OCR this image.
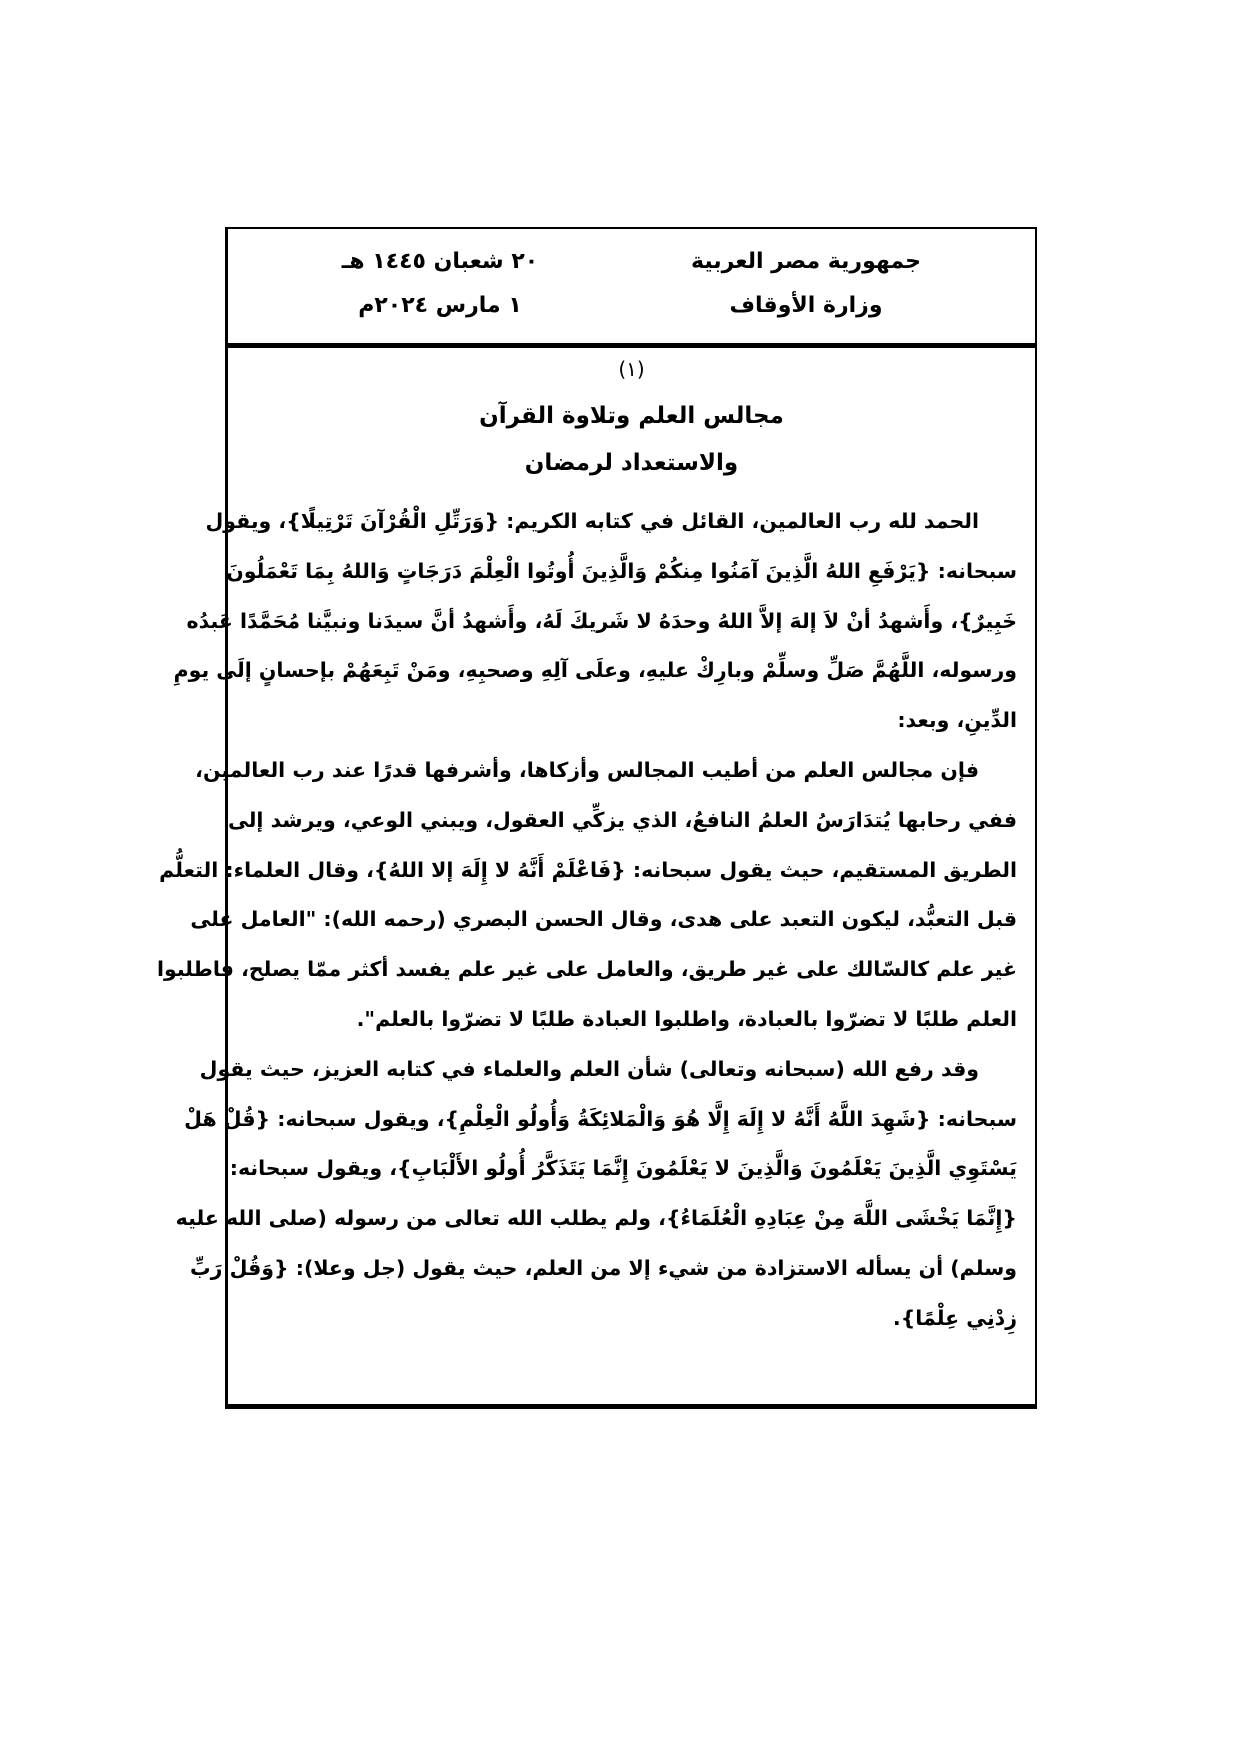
جمهورية مصر العربية
وزارة الأوقاف
٢٠ شعبان ١٤٤٥ هـ
١ مارس ٢٠٢٤م
(١)
مجالس العلم وتلاوة القرآن
والاستعداد لرمضان
الحمد لله رب العالمين، القائل في كتابه الكريم: {وَرَتِّلِ الْقُرْآنَ تَرْتِيلًا}، ويقول
سبحانه: {يَرْفَعِ اللهُ الَّذِينَ آمَنُوا مِنكُمْ وَالَّذِينَ أُوتُوا الْعِلْمَ دَرَجَاتٍ وَاللهُ بِمَا تَعْمَلُونَ
خَبِيرٌ}، وأَشهدُ أنْ لاَ إلهَ إلاَّ اللهُ وحدَهُ لا شَريكَ لَهُ، وأَشهدُ أنَّ سيدَنا ونبيَّنا مُحَمَّدًا عَبدُه
ورسوله، اللَّهُمَّ صَلِّ وسلِّمْ وبارِكْ عليهِ، وعلَى آلِهِ وصحبِهِ، ومَنْ تَبِعَهُمْ بإحسانٍ إلَى يومِ
الدِّينِ، وبعد:
فإن مجالس العلم من أطيب المجالس وأزكاها، وأشرفها قدرًا عند رب العالمين،
ففي رحابها يُتدَارَسُ العلمُ النافعُ، الذي يزكِّي العقول، ويبني الوعي، ويرشد إلى
الطريق المستقيم، حيث يقول سبحانه: {فَاعْلَمْ أَنَّهُ لا إِلَهَ إلا اللهُ}، وقال العلماء: التعلُّم
قبل التعبُّد، ليكون التعبد على هدى، وقال الحسن البصري (رحمه الله): "العامل على
غير علم كالسّالك على غير طريق، والعامل على غير علم يفسد أكثر ممّا يصلح، فاطلبوا
العلم طلبًا لا تضرّوا بالعبادة، واطلبوا العبادة طلبًا لا تضرّوا بالعلم".
وقد رفع الله (سبحانه وتعالى) شأن العلم والعلماء في كتابه العزيز، حيث يقول
سبحانه: {شَهِدَ اللَّهُ أَنَّهُ لا إِلَهَ إِلَّا هُوَ وَالْمَلائِكَةُ وَأُولُو الْعِلْمِ}، ويقول سبحانه: {قُلْ هَلْ
يَسْتَوِي الَّذِينَ يَعْلَمُونَ وَالَّذِينَ لا يَعْلَمُونَ إِنَّمَا يَتَذَكَّرُ أُولُو الأَلْبَابِ}، ويقول سبحانه:
{إِنَّمَا يَخْشَى اللَّهَ مِنْ عِبَادِهِ الْعُلَمَاءُ}، ولم يطلب الله تعالى من رسوله (صلى الله عليه
وسلم) أن يسأله الاستزادة من شيء إلا من العلم، حيث يقول (جل وعلا): {وَقُلْ رَبِّ
زِدْنِي عِلْمًا}.
